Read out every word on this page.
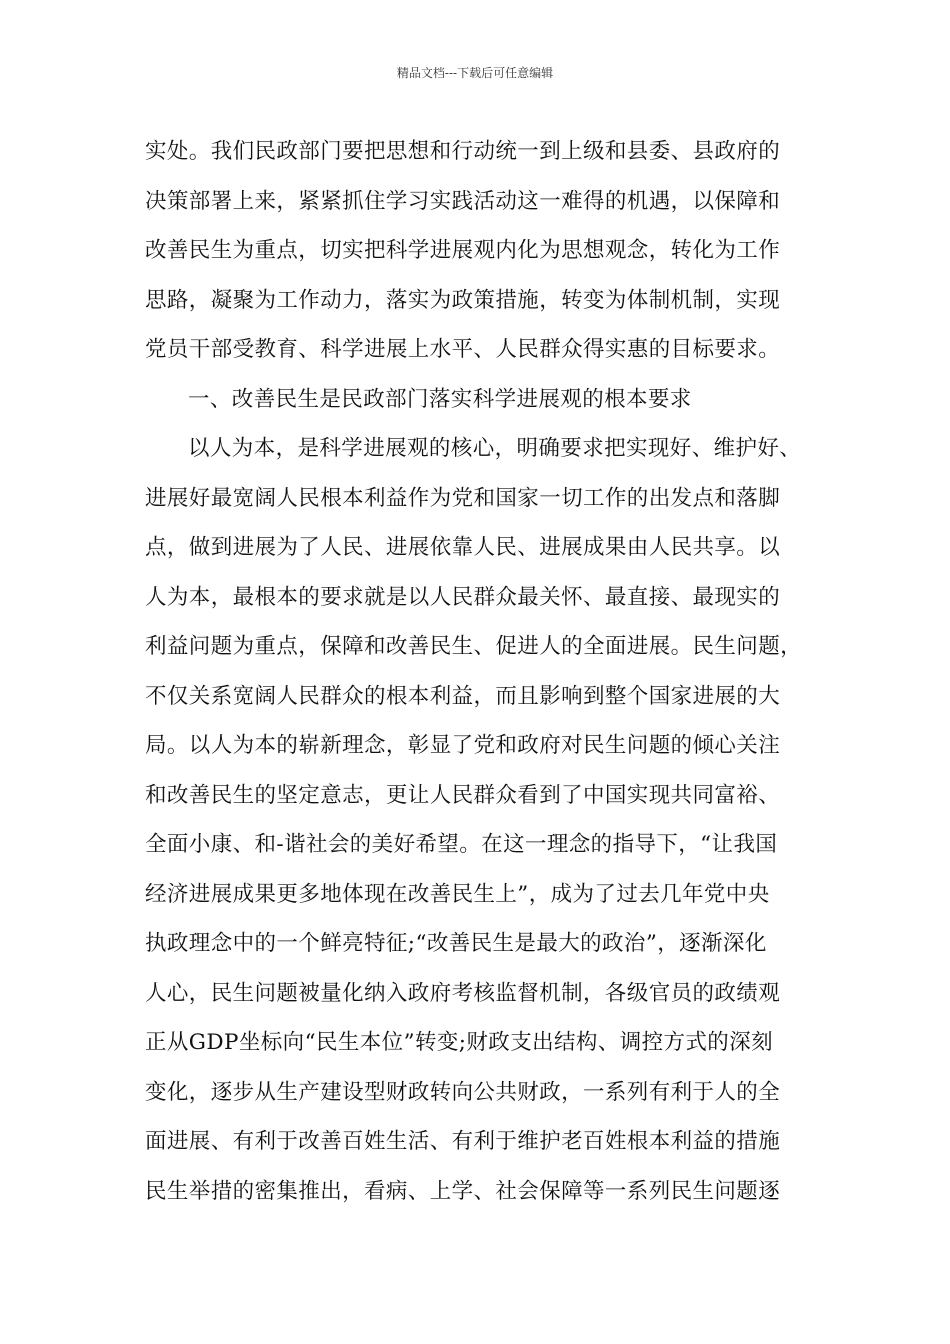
精品文档---下载后可任意编辑
实处。我们民政部门要把思想和行动统一到上级和县委、县政府的
决策部署上来，紧紧抓住学习实践活动这一难得的机遇，以保障和
改善民生为重点，切实把科学进展观内化为思想观念，转化为工作
思路，凝聚为工作动力，落实为政策措施，转变为体制机制，实现
党员干部受教育、科学进展上水平、人民群众得实惠的目标要求。
一、改善民生是民政部门落实科学进展观的根本要求
以人为本，是科学进展观的核心，明确要求把实现好、维护好、
进展好最宽阔人民根本利益作为党和国家一切工作的出发点和落脚
点，做到进展为了人民、进展依靠人民、进展成果由人民共享。以
人为本，最根本的要求就是以人民群众最关怀、最直接、最现实的
利益问题为重点，保障和改善民生、促进人的全面进展。民生问题，
不仅关系宽阔人民群众的根本利益，而且影响到整个国家进展的大
局。以人为本的崭新理念，彰显了党和政府对民生问题的倾心关注
和改善民生的坚定意志，更让人民群众看到了中国实现共同富裕、
全面小康、和-谐社会的美好希望。在这一理念的指导下，“让我国
经济进展成果更多地体现在改善民生上”，成为了过去几年党中央
执政理念中的一个鲜亮特征;“改善民生是最大的政治”，逐渐深化
人心，民生问题被量化纳入政府考核监督机制，各级官员的政绩观
正从GDP坐标向“民生本位”转变;财政支出结构、调控方式的深刻
变化，逐步从生产建设型财政转向公共财政，一系列有利于人的全
面进展、有利于改善百姓生活、有利于维护老百姓根本利益的措施
民生举措的密集推出，看病、上学、社会保障等一系列民生问题逐
